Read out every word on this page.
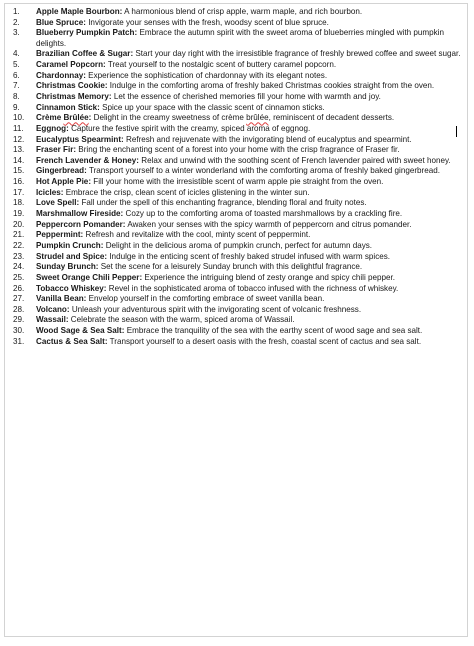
1.	Apple Maple Bourbon: A harmonious blend of crisp apple, warm maple, and rich bourbon.
2.	Blue Spruce: Invigorate your senses with the fresh, woodsy scent of blue spruce.
3.	Blueberry Pumpkin Patch: Embrace the autumn spirit with the sweet aroma of blueberries mingled with pumpkin delights.
4.	Brazilian Coffee & Sugar: Start your day right with the irresistible fragrance of freshly brewed coffee and sweet sugar.
5.	Caramel Popcorn: Treat yourself to the nostalgic scent of buttery caramel popcorn.
6.	Chardonnay: Experience the sophistication of chardonnay with its elegant notes.
7.	Christmas Cookie: Indulge in the comforting aroma of freshly baked Christmas cookies straight from the oven.
8.	Christmas Memory: Let the essence of cherished memories fill your home with warmth and joy.
9.	Cinnamon Stick: Spice up your space with the classic scent of cinnamon sticks.
10.	Crème Brûlée: Delight in the creamy sweetness of crème brûlée, reminiscent of decadent desserts.
11.	Eggnog: Capture the festive spirit with the creamy, spiced aroma of eggnog.
12.	Eucalyptus Spearmint: Refresh and rejuvenate with the invigorating blend of eucalyptus and spearmint.
13.	Fraser Fir: Bring the enchanting scent of a forest into your home with the crisp fragrance of Fraser fir.
14.	French Lavender & Honey: Relax and unwind with the soothing scent of French lavender paired with sweet honey.
15.	Gingerbread: Transport yourself to a winter wonderland with the comforting aroma of freshly baked gingerbread.
16.	Hot Apple Pie: Fill your home with the irresistible scent of warm apple pie straight from the oven.
17.	Icicles: Embrace the crisp, clean scent of icicles glistening in the winter sun.
18.	Love Spell: Fall under the spell of this enchanting fragrance, blending floral and fruity notes.
19.	Marshmallow Fireside: Cozy up to the comforting aroma of toasted marshmallows by a crackling fire.
20.	Peppercorn Pomander: Awaken your senses with the spicy warmth of peppercorn and citrus pomander.
21.	Peppermint: Refresh and revitalize with the cool, minty scent of peppermint.
22.	Pumpkin Crunch: Delight in the delicious aroma of pumpkin crunch, perfect for autumn days.
23.	Strudel and Spice: Indulge in the enticing scent of freshly baked strudel infused with warm spices.
24.	Sunday Brunch: Set the scene for a leisurely Sunday brunch with this delightful fragrance.
25.	Sweet Orange Chili Pepper: Experience the intriguing blend of zesty orange and spicy chili pepper.
26.	Tobacco Whiskey: Revel in the sophisticated aroma of tobacco infused with the richness of whiskey.
27.	Vanilla Bean: Envelop yourself in the comforting embrace of sweet vanilla bean.
28.	Volcano: Unleash your adventurous spirit with the invigorating scent of volcanic freshness.
29.	Wassail: Celebrate the season with the warm, spiced aroma of Wassail.
30.	Wood Sage & Sea Salt: Embrace the tranquility of the sea with the earthy scent of wood sage and sea salt.
31.	Cactus & Sea Salt: Transport yourself to a desert oasis with the fresh, coastal scent of cactus and sea salt.
